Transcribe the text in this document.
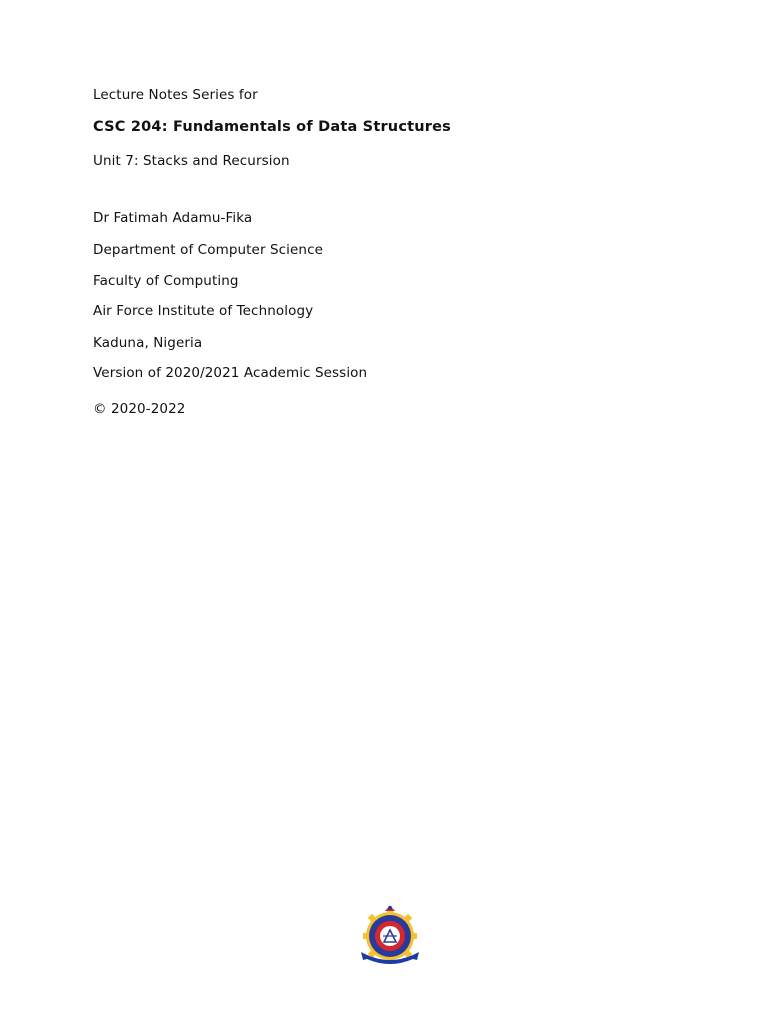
Lecture Notes Series for
CSC 204: Fundamentals of Data Structures
Unit 7: Stacks and Recursion
Dr Fatimah Adamu-Fika
Department of Computer Science
Faculty of Computing
Air Force Institute of Technology
Kaduna, Nigeria
Version of 2020/2021 Academic Session
© 2020-2022
